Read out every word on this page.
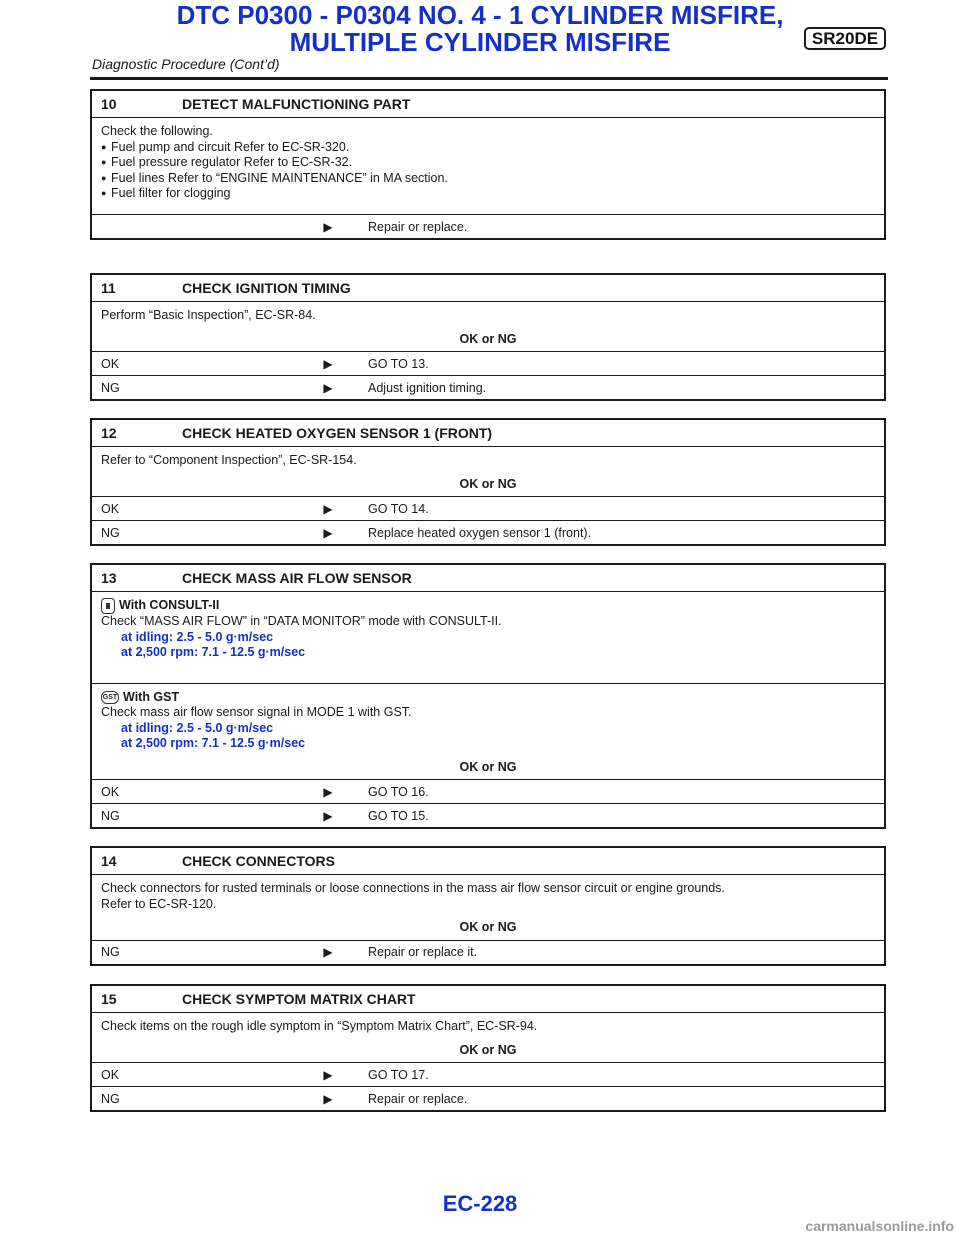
DTC P0300 - P0304 NO. 4 - 1 CYLINDER MISFIRE,
MULTIPLE CYLINDER MISFIRE	SR20DE
Diagnostic Procedure (Cont’d)
10	DETECT MALFUNCTIONING PART
Check the following.
● Fuel pump and circuit Refer to EC-SR-320.
● Fuel pressure regulator Refer to EC-SR-32.
● Fuel lines Refer to “ENGINE MAINTENANCE” in MA section.
● Fuel filter for clogging
▶	Repair or replace.
11	CHECK IGNITION TIMING
Perform “Basic Inspection”, EC-SR-84.
OK or NG
OK	▶	GO TO 13.
NG	▶	Adjust ignition timing.
12	CHECK HEATED OXYGEN SENSOR 1 (FRONT)
Refer to “Component Inspection”, EC-SR-154.
OK or NG
OK	▶	GO TO 14.
NG	▶	Replace heated oxygen sensor 1 (front).
13	CHECK MASS AIR FLOW SENSOR
With CONSULT-II
Check “MASS AIR FLOW” in “DATA MONITOR” mode with CONSULT-II.
at idling: 2.5 - 5.0 g·m/sec
at 2,500 rpm: 7.1 - 12.5 g·m/sec
GST With GST
Check mass air flow sensor signal in MODE 1 with GST.
at idling: 2.5 - 5.0 g·m/sec
at 2,500 rpm: 7.1 - 12.5 g·m/sec
OK or NG
OK	▶	GO TO 16.
NG	▶	GO TO 15.
14	CHECK CONNECTORS
Check connectors for rusted terminals or loose connections in the mass air flow sensor circuit or engine grounds.
Refer to EC-SR-120.
OK or NG
NG	▶	Repair or replace it.
15	CHECK SYMPTOM MATRIX CHART
Check items on the rough idle symptom in “Symptom Matrix Chart”, EC-SR-94.
OK or NG
OK	▶	GO TO 17.
NG	▶	Repair or replace.
EC-228
carmanualsonline.info
